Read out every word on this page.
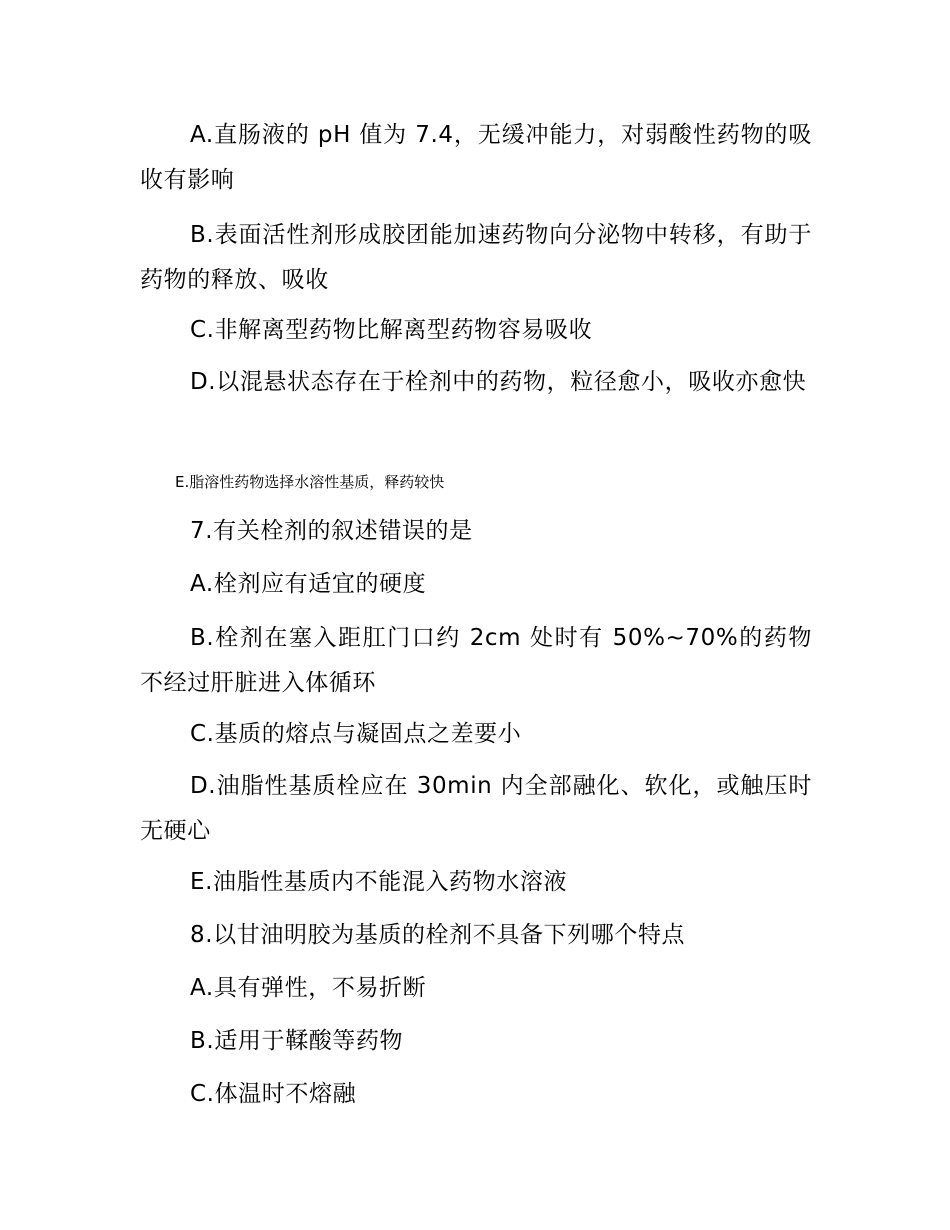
A.直肠液的 pH 值为 7.4，无缓冲能力，对弱酸性药物的吸收有影响

B.表面活性剂形成胶团能加速药物向分泌物中转移，有助于药物的释放、吸收

C.非解离型药物比解离型药物容易吸收

D.以混悬状态存在于栓剂中的药物，粒径愈小，吸收亦愈快

E.脂溶性药物选择水溶性基质，释药较快

7.有关栓剂的叙述错误的是

A.栓剂应有适宜的硬度

B.栓剂在塞入距肛门口约 2cm 处时有 50%~70%的药物不经过肝脏进入体循环

C.基质的熔点与凝固点之差要小

D.油脂性基质栓应在 30min 内全部融化、软化，或触压时无硬心

E.油脂性基质内不能混入药物水溶液

8.以甘油明胶为基质的栓剂不具备下列哪个特点

A.具有弹性，不易折断

B.适用于鞣酸等药物

C.体温时不熔融
